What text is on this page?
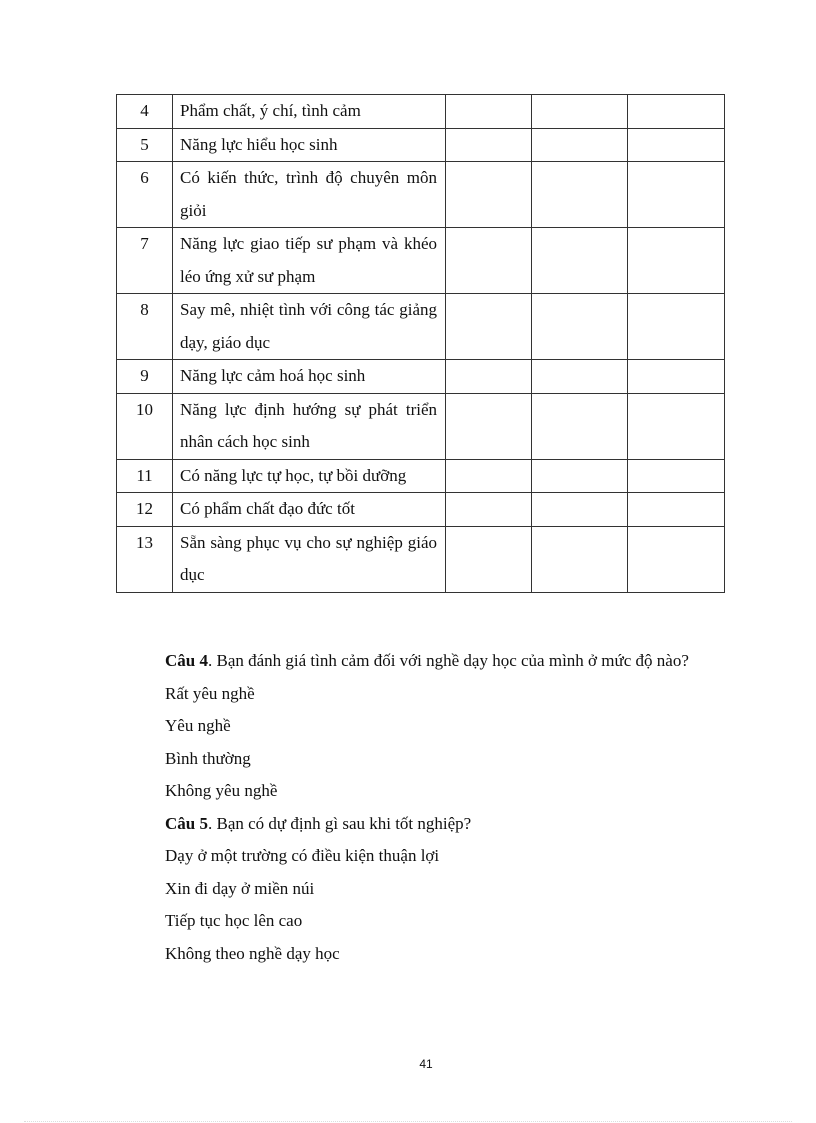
4	Phẩm chất, ý chí, tình cảm			
5	Năng lực hiểu học sinh			
6	Có kiến thức, trình độ chuyên môn giỏi			
7	Năng lực giao tiếp sư phạm và khéo léo ứng xử sư phạm			
8	Say mê, nhiệt tình với công tác giảng dạy, giáo dục			
9	Năng lực cảm hoá học sinh			
10	Năng lực định hướng sự phát triển nhân cách học sinh			
11	Có năng lực tự học, tự bồi dưỡng			
12	Có phẩm chất đạo đức tốt			
13	Sẵn sàng phục vụ cho sự nghiệp giáo dục			

Câu 4. Bạn đánh giá tình cảm đối với nghề dạy học của mình ở mức độ nào?

Rất yêu nghề

Yêu nghề

Bình thường

Không yêu nghề

Câu 5. Bạn có dự định gì sau khi tốt nghiệp?

Dạy ở một trường có điều kiện thuận lợi

Xin đi dạy ở miền núi

Tiếp tục học lên cao

Không theo nghề dạy học

41
